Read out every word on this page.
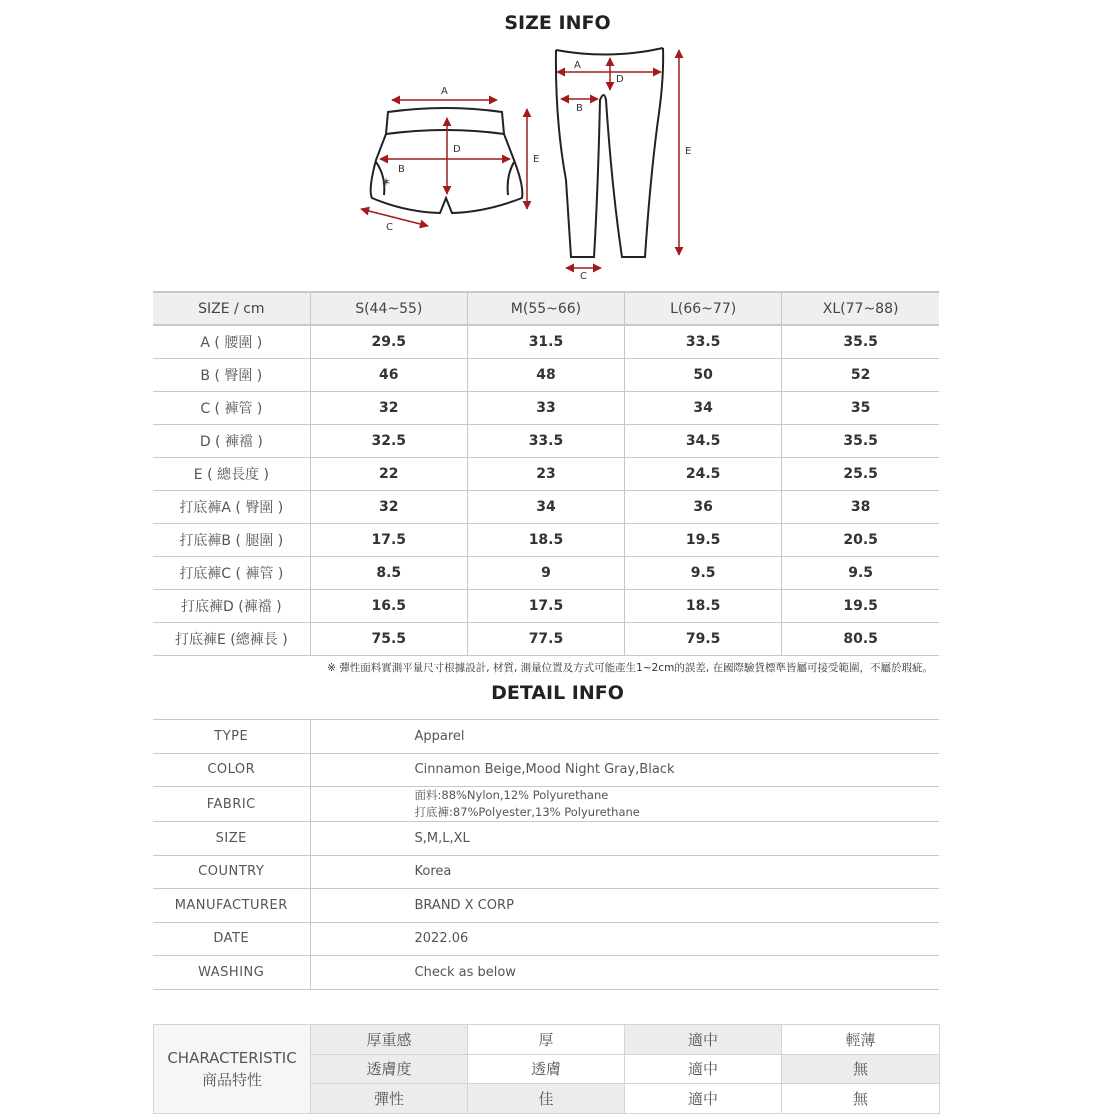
SIZE INFO
✶
A
B
C
D
E
A
B
C
D
E
SIZE / cm	S(44~55)	M(55~66)	L(66~77)	XL(77~88)
A ( 腰圍 )	29.5	31.5	33.5	35.5
B ( 臀圍 )	46	48	50	52
C ( 褲管 )	32	33	34	35
D ( 褲襠 )	32.5	33.5	34.5	35.5
E ( 總長度 )	22	23	24.5	25.5
打底褲A ( 臀圍 )	32	34	36	38
打底褲B ( 腿圍 )	17.5	18.5	19.5	20.5
打底褲C ( 褲管 )	8.5	9	9.5	9.5
打底褲D (褲襠 )	16.5	17.5	18.5	19.5
打底褲E (總褲長 )	75.5	77.5	79.5	80.5
※ 彈性面料實測平量尺寸根據設計, 材質, 測量位置及方式可能產生1~2cm的誤差, 在國際驗貨標準皆屬可接受範圍，不屬於瑕疵。
DETAIL INFO
TYPE	Apparel
COLOR	Cinnamon Beige,Mood Night Gray,Black
FABRIC	面料:88%Nylon,12% Polyurethane
打底褲:87%Polyester,13% Polyurethane

SIZE	S,M,L,XL
COUNTRY	Korea
MANUFACTURER	BRAND X CORP
DATE	2022.06
WASHING	Check as below
CHARACTERISTIC
商品特性	厚重感	厚	適中	輕薄
	透膚度	透膚	適中	無
	彈性	佳	適中	無
